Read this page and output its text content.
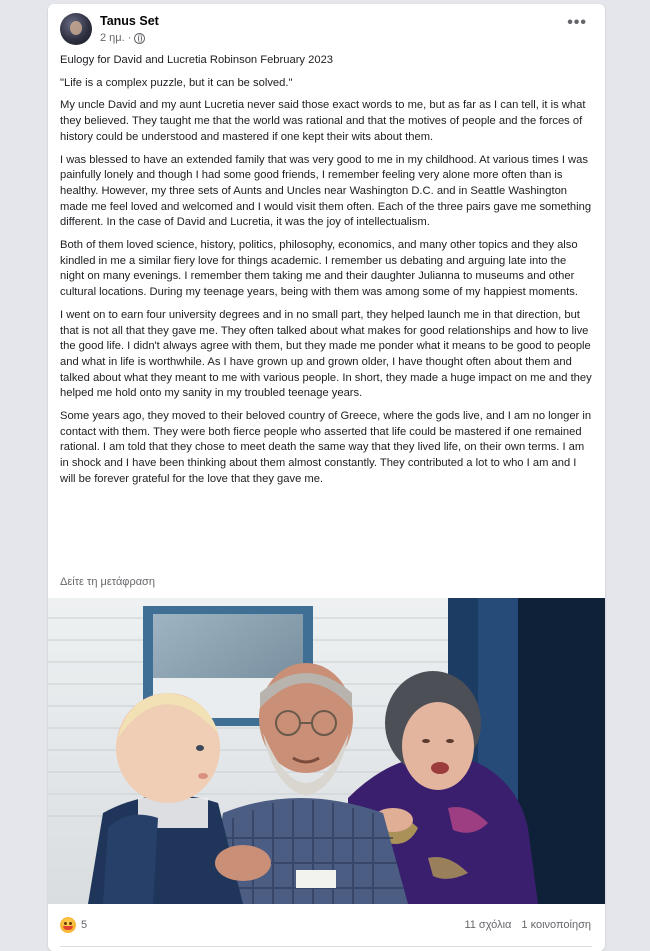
Tanus Set
2 ημ. ·
•••

Eulogy for David and Lucretia Robinson February 2023

"Life is a complex puzzle, but it can be solved."

My uncle David and my aunt Lucretia never said those exact words to me, but as far as I can tell, it is what they believed. They taught me that the world was rational and that the motives of people and the forces of history could be understood and mastered if one kept their wits about them.

I was blessed to have an extended family that was very good to me in my childhood. At various times I was painfully lonely and though I had some good friends, I remember feeling very alone more often than is healthy. However, my three sets of Aunts and Uncles near Washington D.C. and in Seattle Washington made me feel loved and welcomed and I would visit them often. Each of the three pairs gave me something different. In the case of David and Lucretia, it was the joy of intellectualism.

Both of them loved science, history, politics, philosophy, economics, and many other topics and they also kindled in me a similar fiery love for things academic. I remember us debating and arguing late into the night on many evenings. I remember them taking me and their daughter Julianna to museums and other cultural locations. During my teenage years, being with them was among some of my happiest moments.

I went on to earn four university degrees and in no small part, they helped launch me in that direction, but that is not all that they gave me. They often talked about what makes for good relationships and how to live the good life. I didn't always agree with them, but they made me ponder what it means to be good to people and what in life is worthwhile. As I have grown up and grown older, I have thought often about them and talked about what they meant to me with various people. In short, they made a huge impact on me and they helped me hold onto my sanity in my troubled teenage years.

Some years ago, they moved to their beloved country of Greece, where the gods live, and I am no longer in contact with them. They were both fierce people who asserted that life could be mastered if one remained rational. I am told that they chose to meet death the same way that they lived life, on their own terms. I am in shock and I have been thinking about them almost constantly. They contributed a lot to who I am and I will be forever grateful for the love that they gave me.

Δείτε τη μετάφραση
5	11 σχόλια 1 κοινοποίηση
